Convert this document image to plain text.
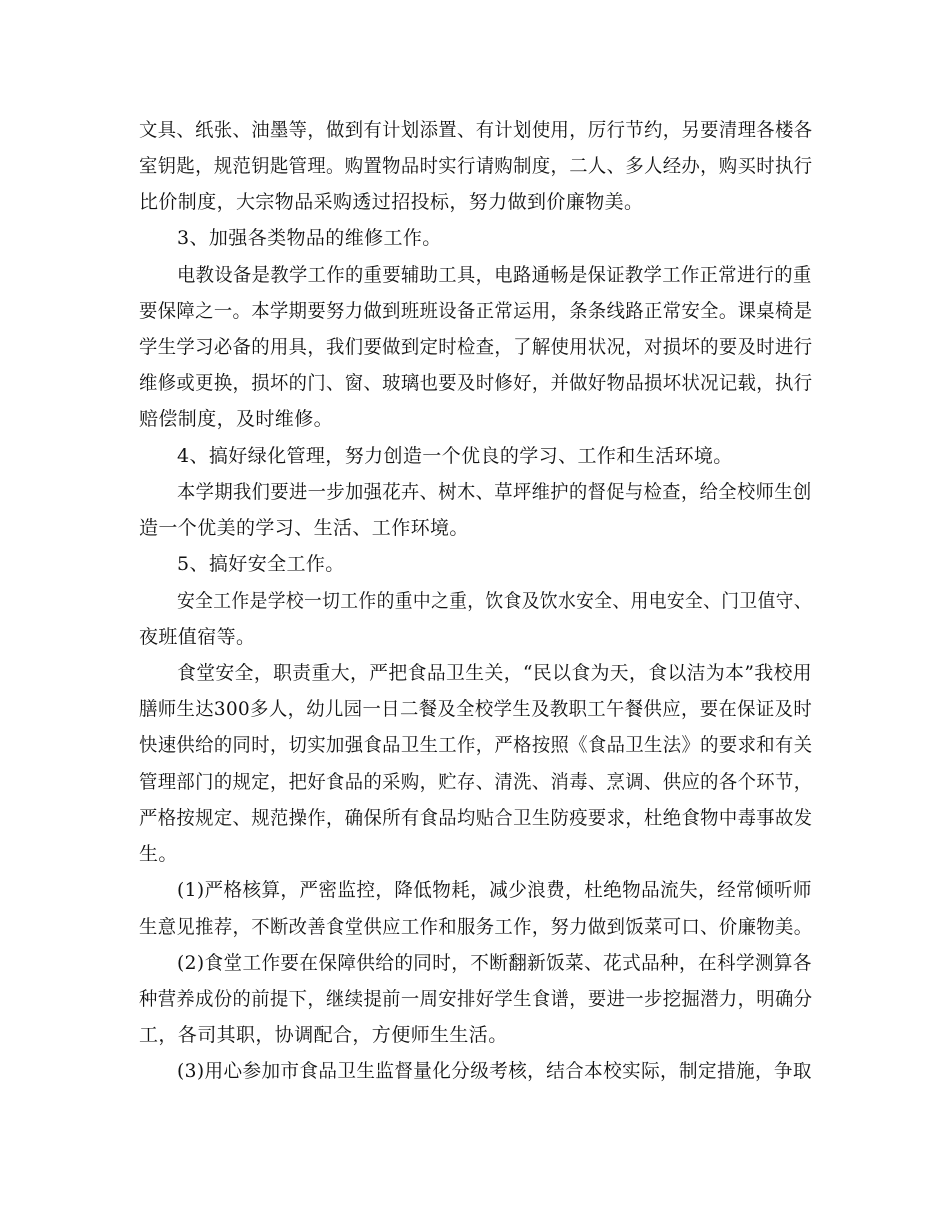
文具、纸张、油墨等，做到有计划添置、有计划使用，厉行节约，另要清理各楼各
室钥匙，规范钥匙管理。购置物品时实行请购制度，二人、多人经办，购买时执行
比价制度，大宗物品采购透过招投标，努力做到价廉物美。
3、加强各类物品的维修工作。
电教设备是教学工作的重要辅助工具，电路通畅是保证教学工作正常进行的重
要保障之一。本学期要努力做到班班设备正常运用，条条线路正常安全。课桌椅是
学生学习必备的用具，我们要做到定时检查，了解使用状况，对损坏的要及时进行
维修或更换，损坏的门、窗、玻璃也要及时修好，并做好物品损坏状况记载，执行
赔偿制度，及时维修。
4、搞好绿化管理，努力创造一个优良的学习、工作和生活环境。
本学期我们要进一步加强花卉、树木、草坪维护的督促与检查，给全校师生创
造一个优美的学习、生活、工作环境。
5、搞好安全工作。
安全工作是学校一切工作的重中之重，饮食及饮水安全、用电安全、门卫值守、
夜班值宿等。
食堂安全，职责重大，严把食品卫生关，“民以食为天，食以洁为本”我校用
膳师生达300多人，幼儿园一日二餐及全校学生及教职工午餐供应，要在保证及时
快速供给的同时，切实加强食品卫生工作，严格按照《食品卫生法》的要求和有关
管理部门的规定，把好食品的采购，贮存、清洗、消毒、烹调、供应的各个环节，
严格按规定、规范操作，确保所有食品均贴合卫生防疫要求，杜绝食物中毒事故发
生。
(1)严格核算，严密监控，降低物耗，减少浪费，杜绝物品流失，经常倾听师
生意见推荐，不断改善食堂供应工作和服务工作，努力做到饭菜可口、价廉物美。
(2)食堂工作要在保障供给的同时，不断翻新饭菜、花式品种，在科学测算各
种营养成份的前提下，继续提前一周安排好学生食谱，要进一步挖掘潜力，明确分
工，各司其职，协调配合，方便师生生活。
(3)用心参加市食品卫生监督量化分级考核，结合本校实际，制定措施，争取
